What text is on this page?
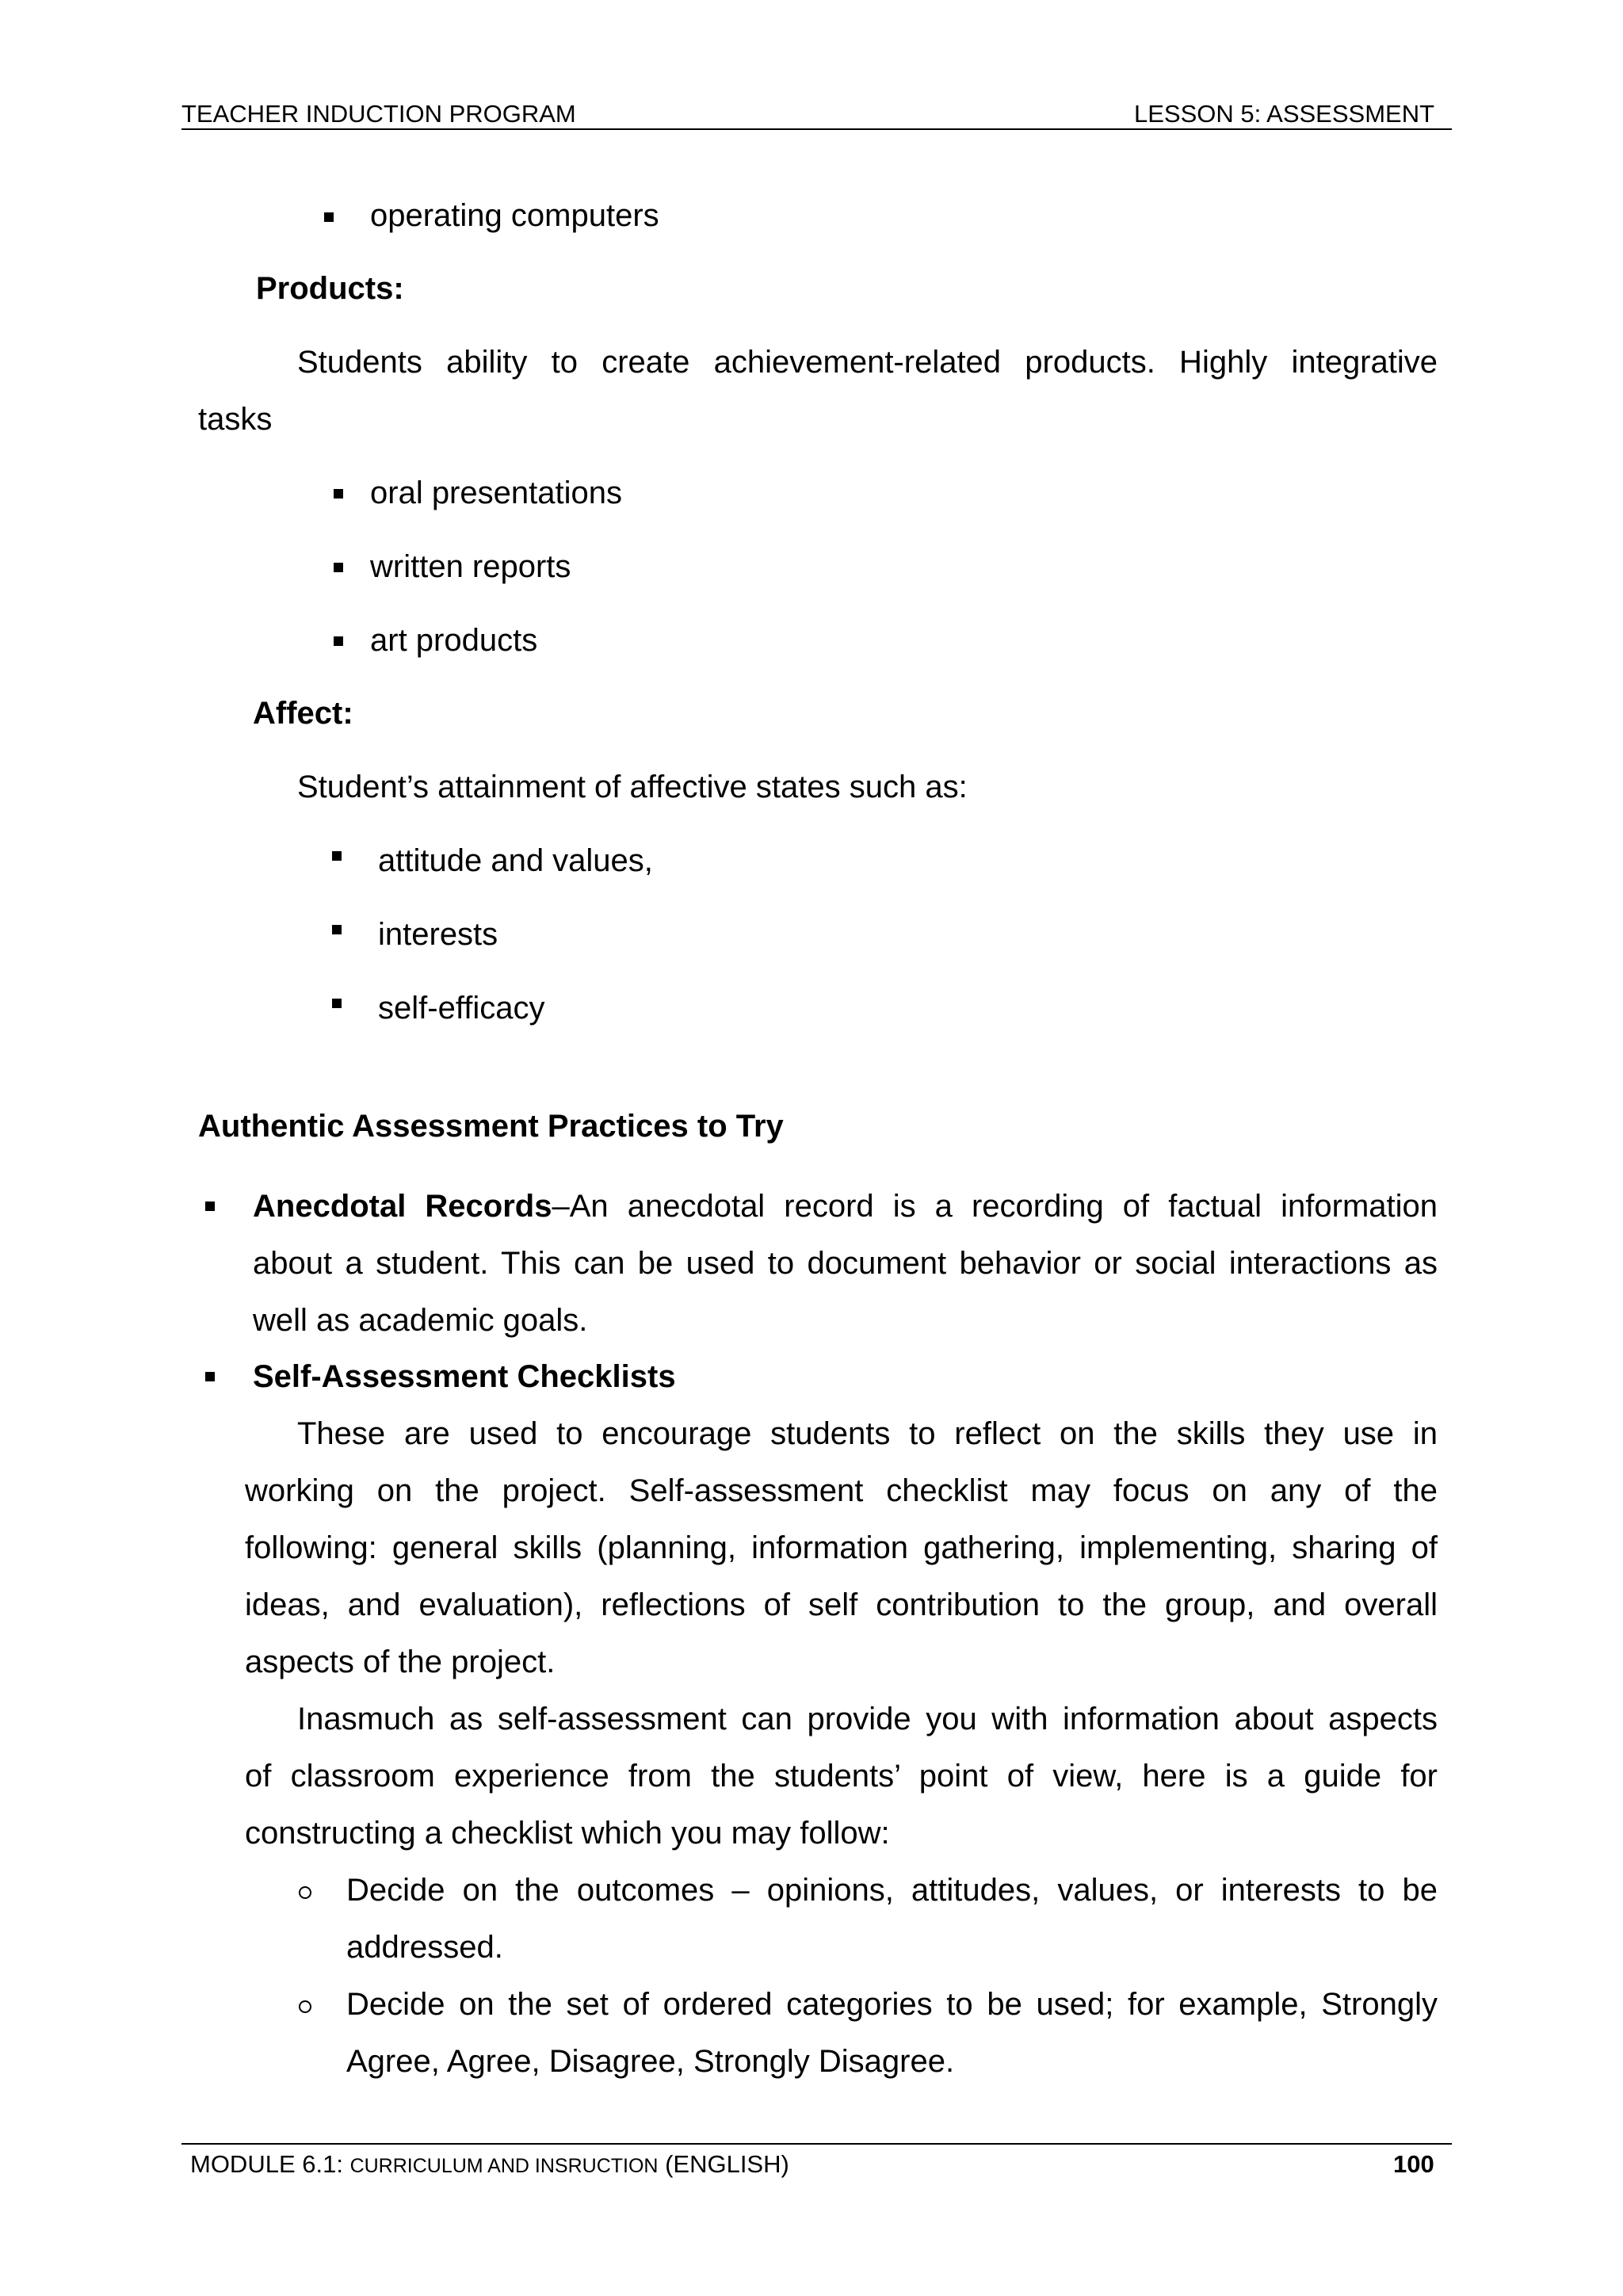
TEACHER INDUCTION PROGRAM	LESSON 5: ASSESSMENT
operating computers
Products:
Students ability to create achievement-related products. Highly integrative
tasks
oral presentations
written reports
art products
Affect:
Student’s attainment of affective states such as:
attitude and values,
interests
self-efficacy
Authentic Assessment Practices to Try
Anecdotal Records–An anecdotal record is a recording of factual information
about a student. This can be used to document behavior or social interactions as
well as academic goals.
Self-Assessment Checklists
These are used to encourage students to reflect on the skills they use in
working on the project. Self-assessment checklist may focus on any of the
following: general skills (planning, information gathering, implementing, sharing of
ideas, and evaluation), reflections of self contribution to the group, and overall
aspects of the project.
Inasmuch as self-assessment can provide you with information about aspects
of classroom experience from the students’ point of view, here is a guide for
constructing a checklist which you may follow:
Decide on the outcomes – opinions, attitudes, values, or interests to be
addressed.
Decide on the set of ordered categories to be used; for example, Strongly
Agree, Agree, Disagree, Strongly Disagree.
MODULE 6.1: CURRICULUM AND INSRUCTION (ENGLISH)	100
